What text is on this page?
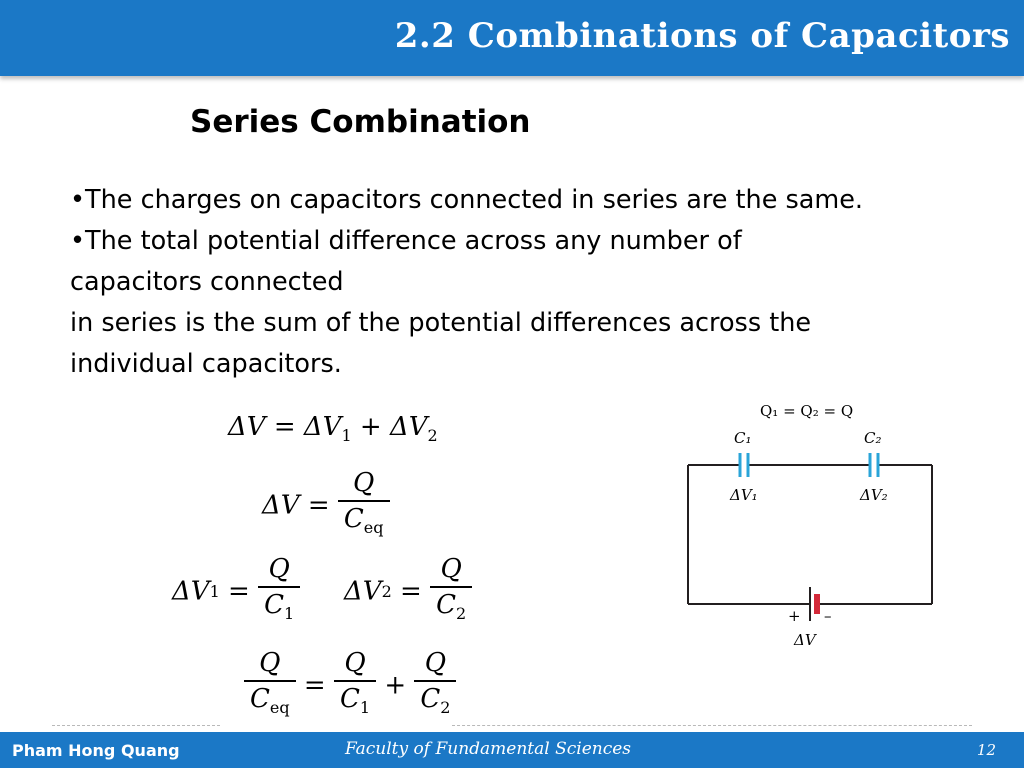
2.2 Combinations of Capacitors
Series Combination
•The charges on capacitors connected in series are the same.
•The total potential difference across any number of
capacitors connected
in series is the sum of the potential differences across the
individual capacitors.
$\Delta V = \Delta V_1 + \Delta V_2$
$\Delta V = \frac{Q}{C_{eq}}$
$\Delta V1 = \frac{Q}{C_1} \Delta V2 = \frac{Q}{C_2}$
$\frac{Q}{C_{eq}} = \frac{Q}{C_1} + \frac{Q}{C_2}$
Q₁ = Q₂ = Q
C₁	C₂
ΔV₁	ΔV₂
+ –
ΔV
Pham Hong Quang	Faculty of Fundamental Sciences	12
